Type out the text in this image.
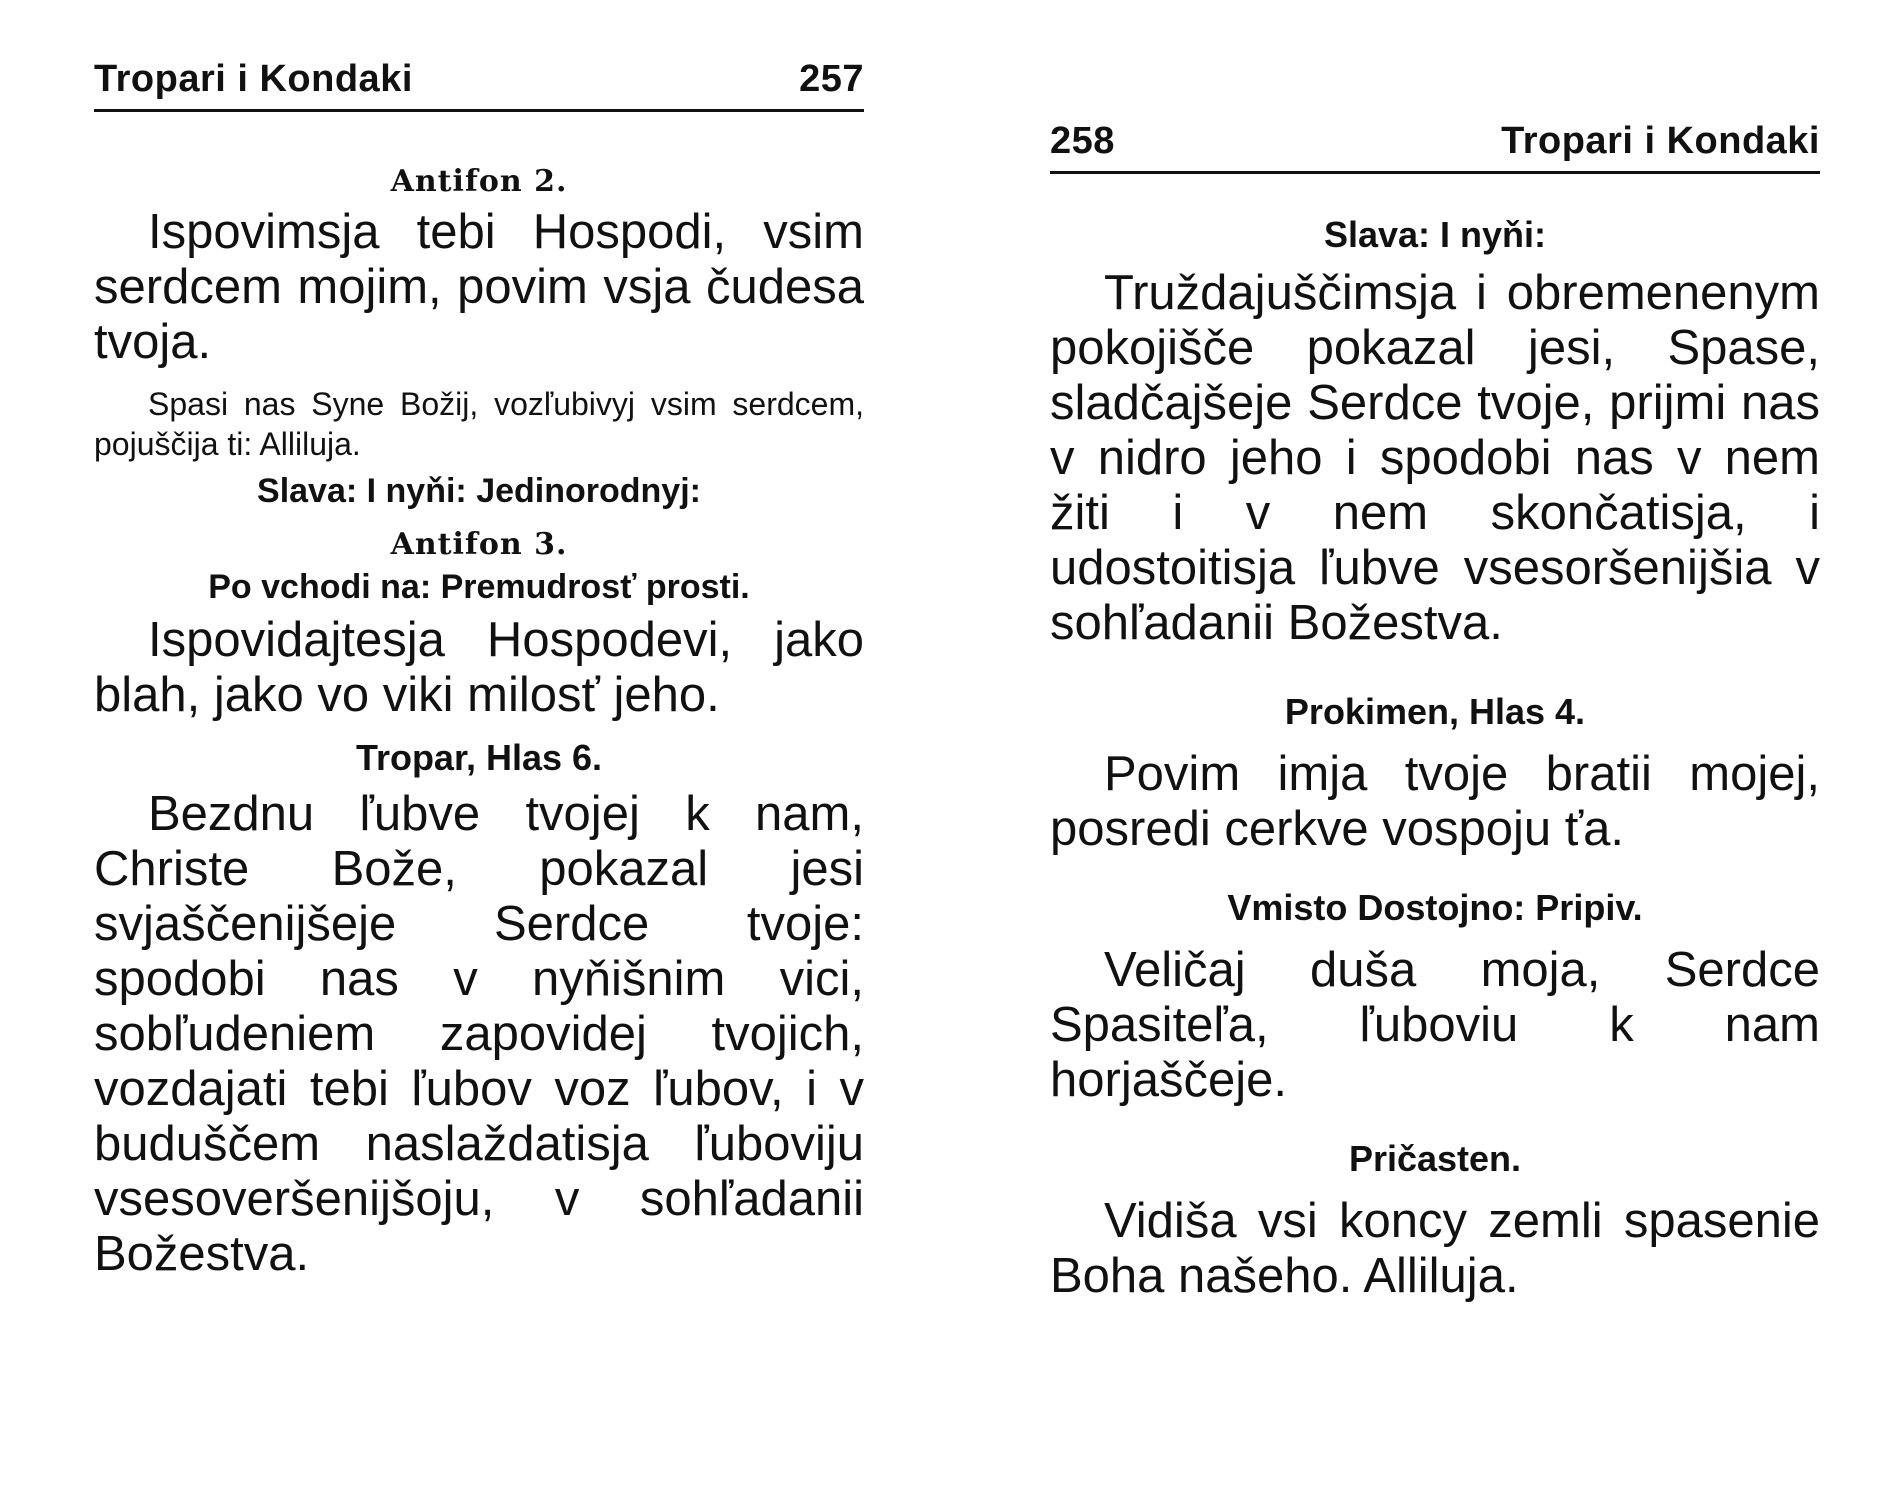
Tropari i Kondaki	257

Antifon 2.

Ispovimsja tebi Hospodi, vsim serdcem mojim, povim vsja čudesa tvoja.

Spasi nas Syne Božij, vozľubivyj vsim serdcem, pojuščija ti: Alliluja.

Slava: I nyňi: Jedinorodnyj:

Antifon 3.

Po vchodi na: Premudrosť prosti.

Ispovidajtesja Hospodevi, jako blah, jako vo viki milosť jeho.

Tropar, Hlas 6.

Bezdnu ľubve tvojej k nam, Christe Bože, pokazal jesi svjaščenijšeje Serdce tvoje: spodobi nas v nyňišnim vici, sobľudeniem zapovidej tvojich, vozdajati tebi ľubov voz ľubov, i v buduščem naslaždatisja ľuboviju vsesoveršenijšoju, v sohľadanii Božestva.

258	Tropari i Kondaki

Slava: I nyňi:

Truždajuščimsja i obremenenym pokojišče pokazal jesi, Spase, sladčajšeje Serdce tvoje, prijmi nas v nidro jeho i spodobi nas v nem žiti i v nem skončatisja, i udostoitisja ľubve vsesoršenijšia v sohľadanii Božestva.

Prokimen, Hlas 4.

Povim imja tvoje bratii mojej, posredi cerkve vospoju ťa.

Vmisto Dostojno: Pripiv.

Veličaj duša moja, Serdce Spasiteľa, ľuboviu k nam horjaščeje.

Pričasten.

Vidiša vsi koncy zemli spasenie Boha našeho. Alliluja.
